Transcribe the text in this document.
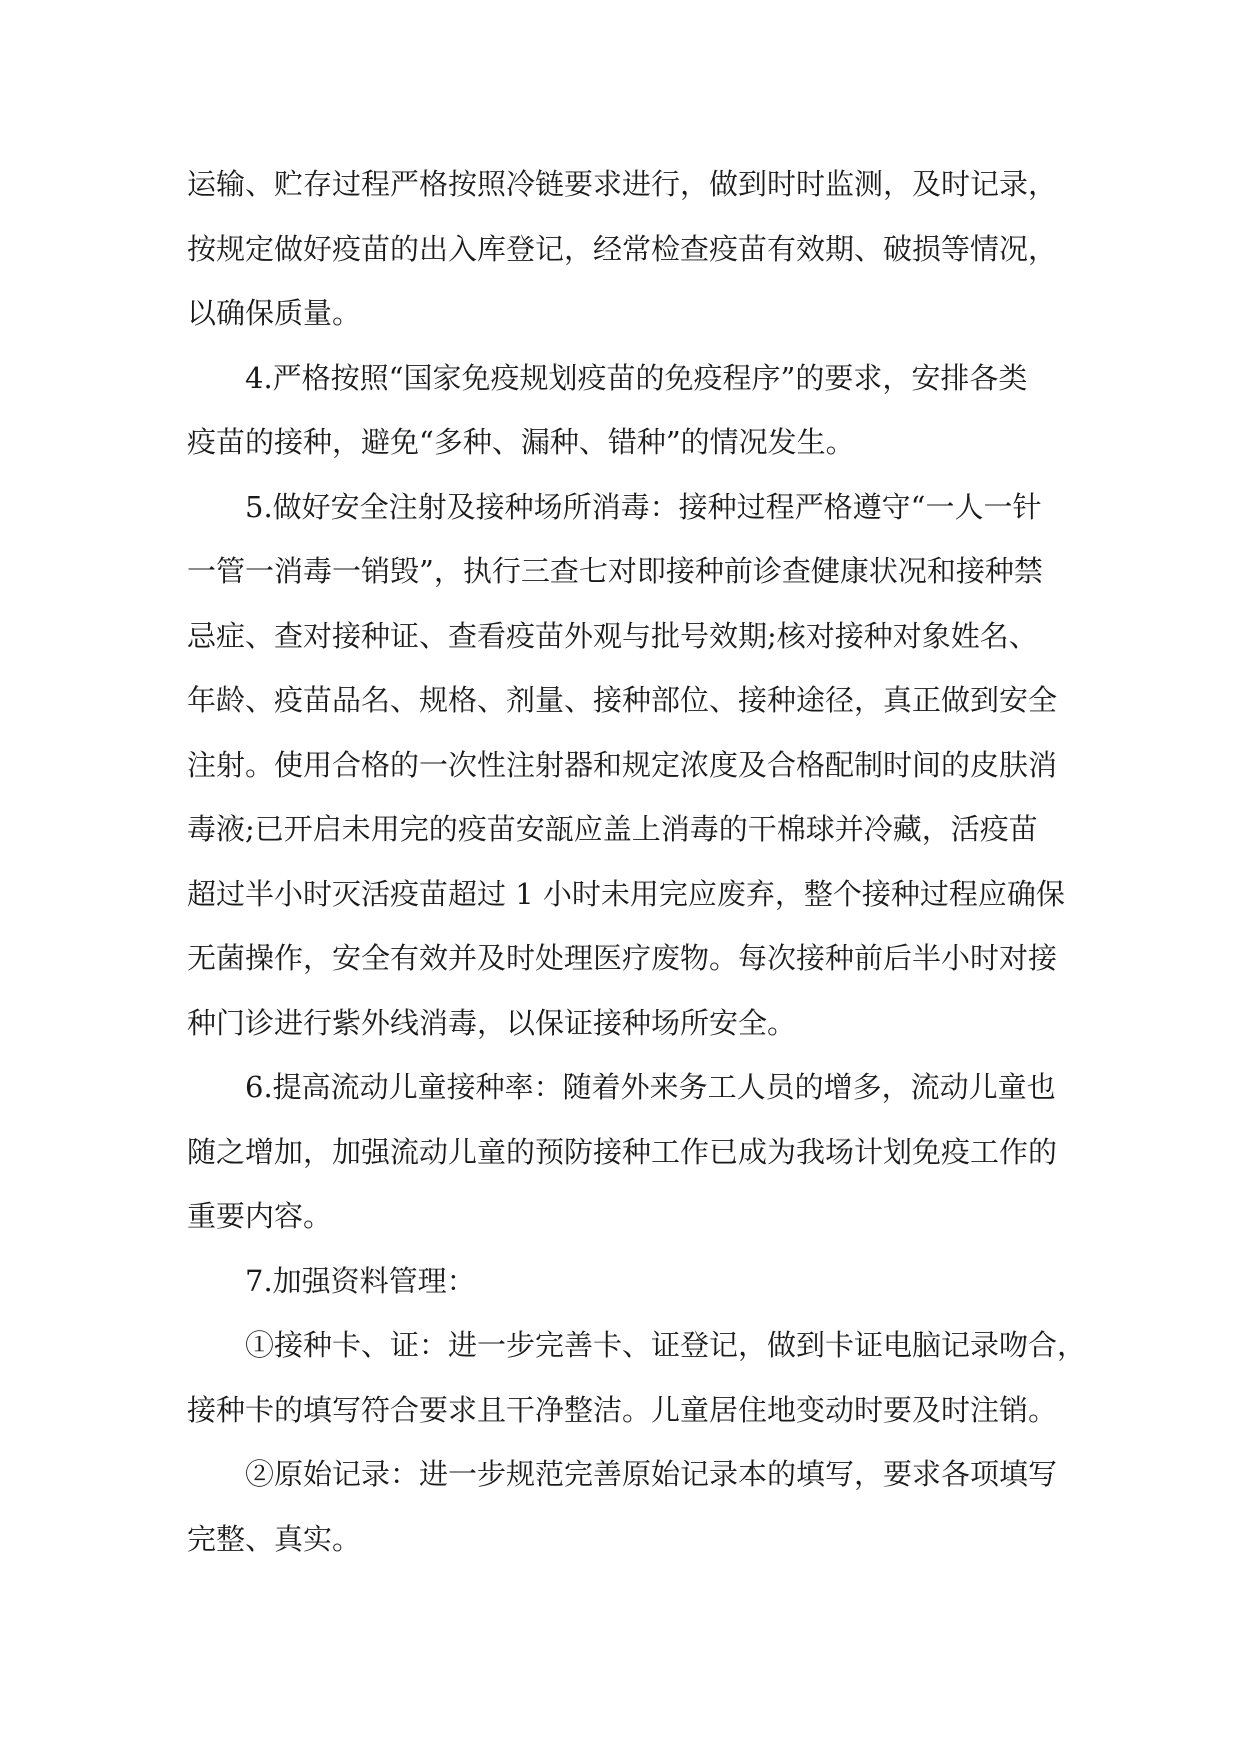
运输、贮存过程严格按照冷链要求进行，做到时时监测，及时记录，
按规定做好疫苗的出入库登记，经常检查疫苗有效期、破损等情况，
以确保质量。

4.严格按照“国家免疫规划疫苗的免疫程序”的要求，安排各类
疫苗的接种，避免“多种、漏种、错种”的情况发生。

5.做好安全注射及接种场所消毒：接种过程严格遵守“一人一针
一管一消毒一销毁”，执行三查七对即接种前诊查健康状况和接种禁
忌症、查对接种证、查看疫苗外观与批号效期;核对接种对象姓名、
年龄、疫苗品名、规格、剂量、接种部位、接种途径，真正做到安全
注射。使用合格的一次性注射器和规定浓度及合格配制时间的皮肤消
毒液;已开启未用完的疫苗安瓿应盖上消毒的干棉球并冷藏，活疫苗
超过半小时灭活疫苗超过 1 小时未用完应废弃，整个接种过程应确保
无菌操作，安全有效并及时处理医疗废物。每次接种前后半小时对接
种门诊进行紫外线消毒，以保证接种场所安全。

6.提高流动儿童接种率：随着外来务工人员的增多，流动儿童也
随之增加，加强流动儿童的预防接种工作已成为我场计划免疫工作的
重要内容。

7.加强资料管理：

①接种卡、证：进一步完善卡、证登记，做到卡证电脑记录吻合，
接种卡的填写符合要求且干净整洁。儿童居住地变动时要及时注销。

②原始记录：进一步规范完善原始记录本的填写，要求各项填写
完整、真实。
